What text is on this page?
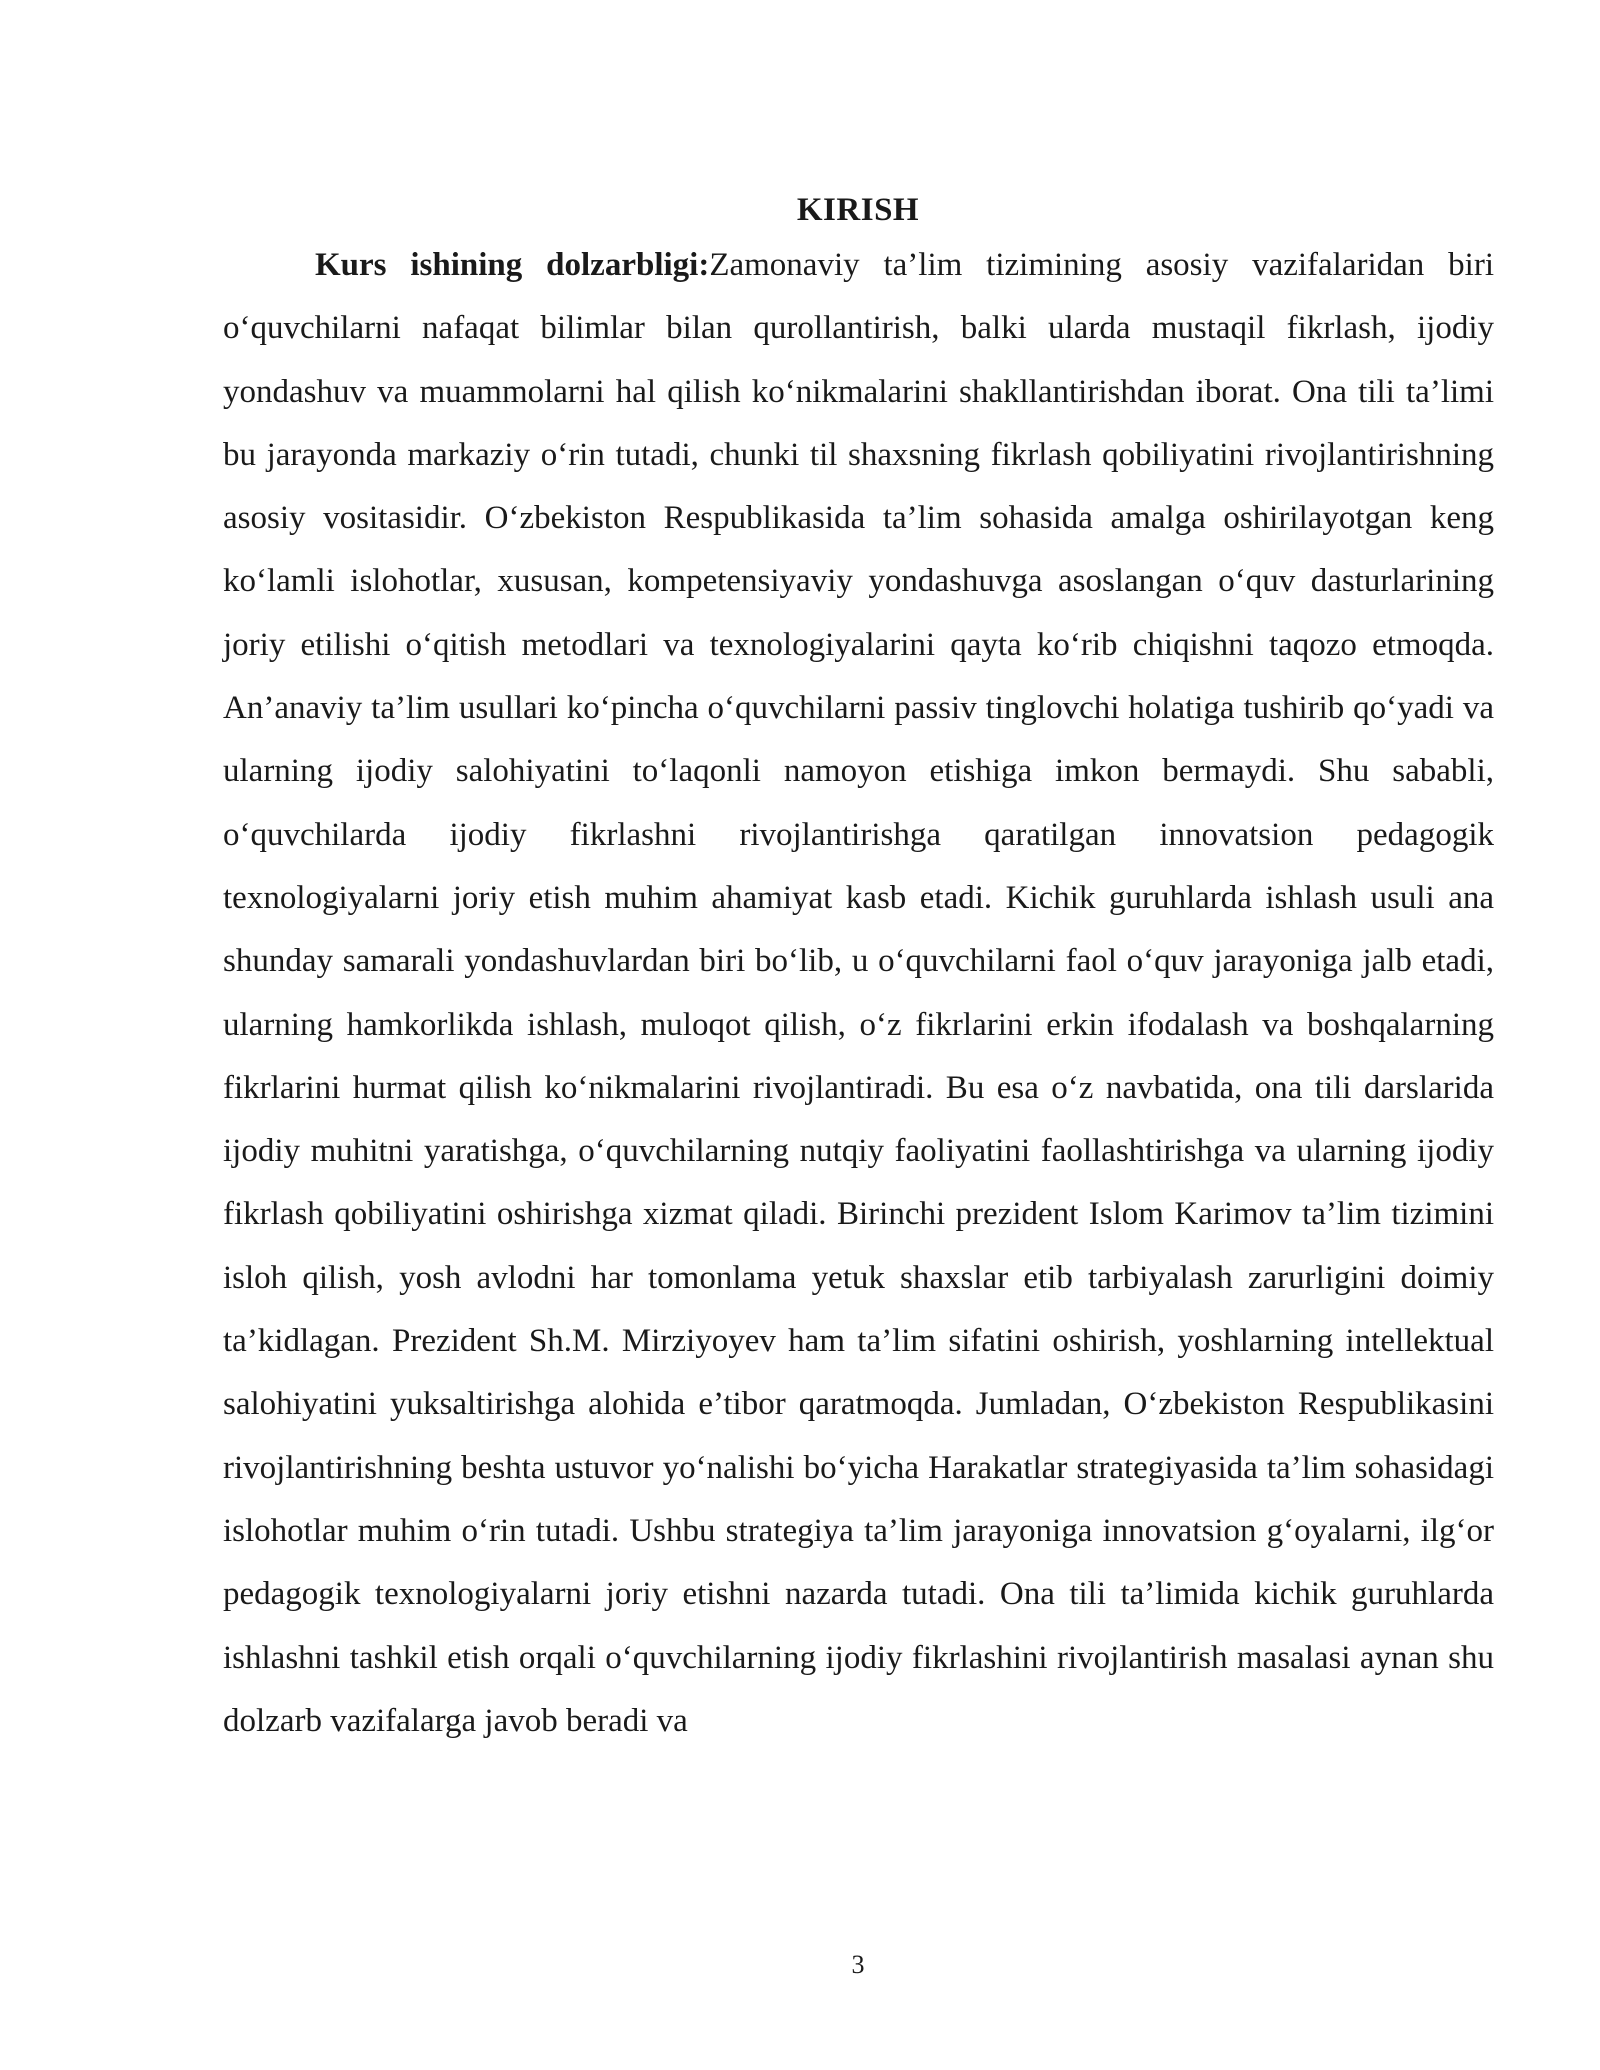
KIRISH

Kurs ishining dolzarbligi:Zamonaviy ta’lim tizimining asosiy vazifalaridan biri o‘quvchilarni nafaqat bilimlar bilan qurollantirish, balki ularda mustaqil fikrlash, ijodiy yondashuv va muammolarni hal qilish ko‘nikmalarini shakllantirishdan iborat. Ona tili ta’limi bu jarayonda markaziy o‘rin tutadi, chunki til shaxsning fikrlash qobiliyatini rivojlantirishning asosiy vositasidir. O‘zbekiston Respublikasida ta’lim sohasida amalga oshirilayotgan keng ko‘lamli islohotlar, xususan, kompetensiyaviy yondashuvga asoslangan o‘quv dasturlarining joriy etilishi o‘qitish metodlari va texnologiyalarini qayta ko‘rib chiqishni taqozo etmoqda. An’anaviy ta’lim usullari ko‘pincha o‘quvchilarni passiv tinglovchi holatiga tushirib qo‘yadi va ularning ijodiy salohiyatini to‘laqonli namoyon etishiga imkon bermaydi. Shu sababli, o‘quvchilarda ijodiy fikrlashni rivojlantirishga qaratilgan innovatsion pedagogik texnologiyalarni joriy etish muhim ahamiyat kasb etadi. Kichik guruhlarda ishlash usuli ana shunday samarali yondashuvlardan biri bo‘lib, u o‘quvchilarni faol o‘quv jarayoniga jalb etadi, ularning hamkorlikda ishlash, muloqot qilish, o‘z fikrlarini erkin ifodalash va boshqalarning fikrlarini hurmat qilish ko‘nikmalarini rivojlantiradi. Bu esa o‘z navbatida, ona tili darslarida ijodiy muhitni yaratishga, o‘quvchilarning nutqiy faoliyatini faollashtirishga va ularning ijodiy fikrlash qobiliyatini oshirishga xizmat qiladi. Birinchi prezident Islom Karimov ta’lim tizimini isloh qilish, yosh avlodni har tomonlama yetuk shaxslar etib tarbiyalash zarurligini doimiy ta’kidlagan. Prezident Sh.M. Mirziyoyev ham ta’lim sifatini oshirish, yoshlarning intellektual salohiyatini yuksaltirishga alohida e’tibor qaratmoqda. Jumladan, O‘zbekiston Respublikasini rivojlantirishning beshta ustuvor yo‘nalishi bo‘yicha Harakatlar strategiyasida ta’lim sohasidagi islohotlar muhim o‘rin tutadi. Ushbu strategiya ta’lim jarayoniga innovatsion g‘oyalarni, ilg‘or pedagogik texnologiyalarni joriy etishni nazarda tutadi. Ona tili ta’limida kichik guruhlarda ishlashni tashkil etish orqali o‘quvchilarning ijodiy fikrlashini rivojlantirish masalasi aynan shu dolzarb vazifalarga javob beradi va

3
